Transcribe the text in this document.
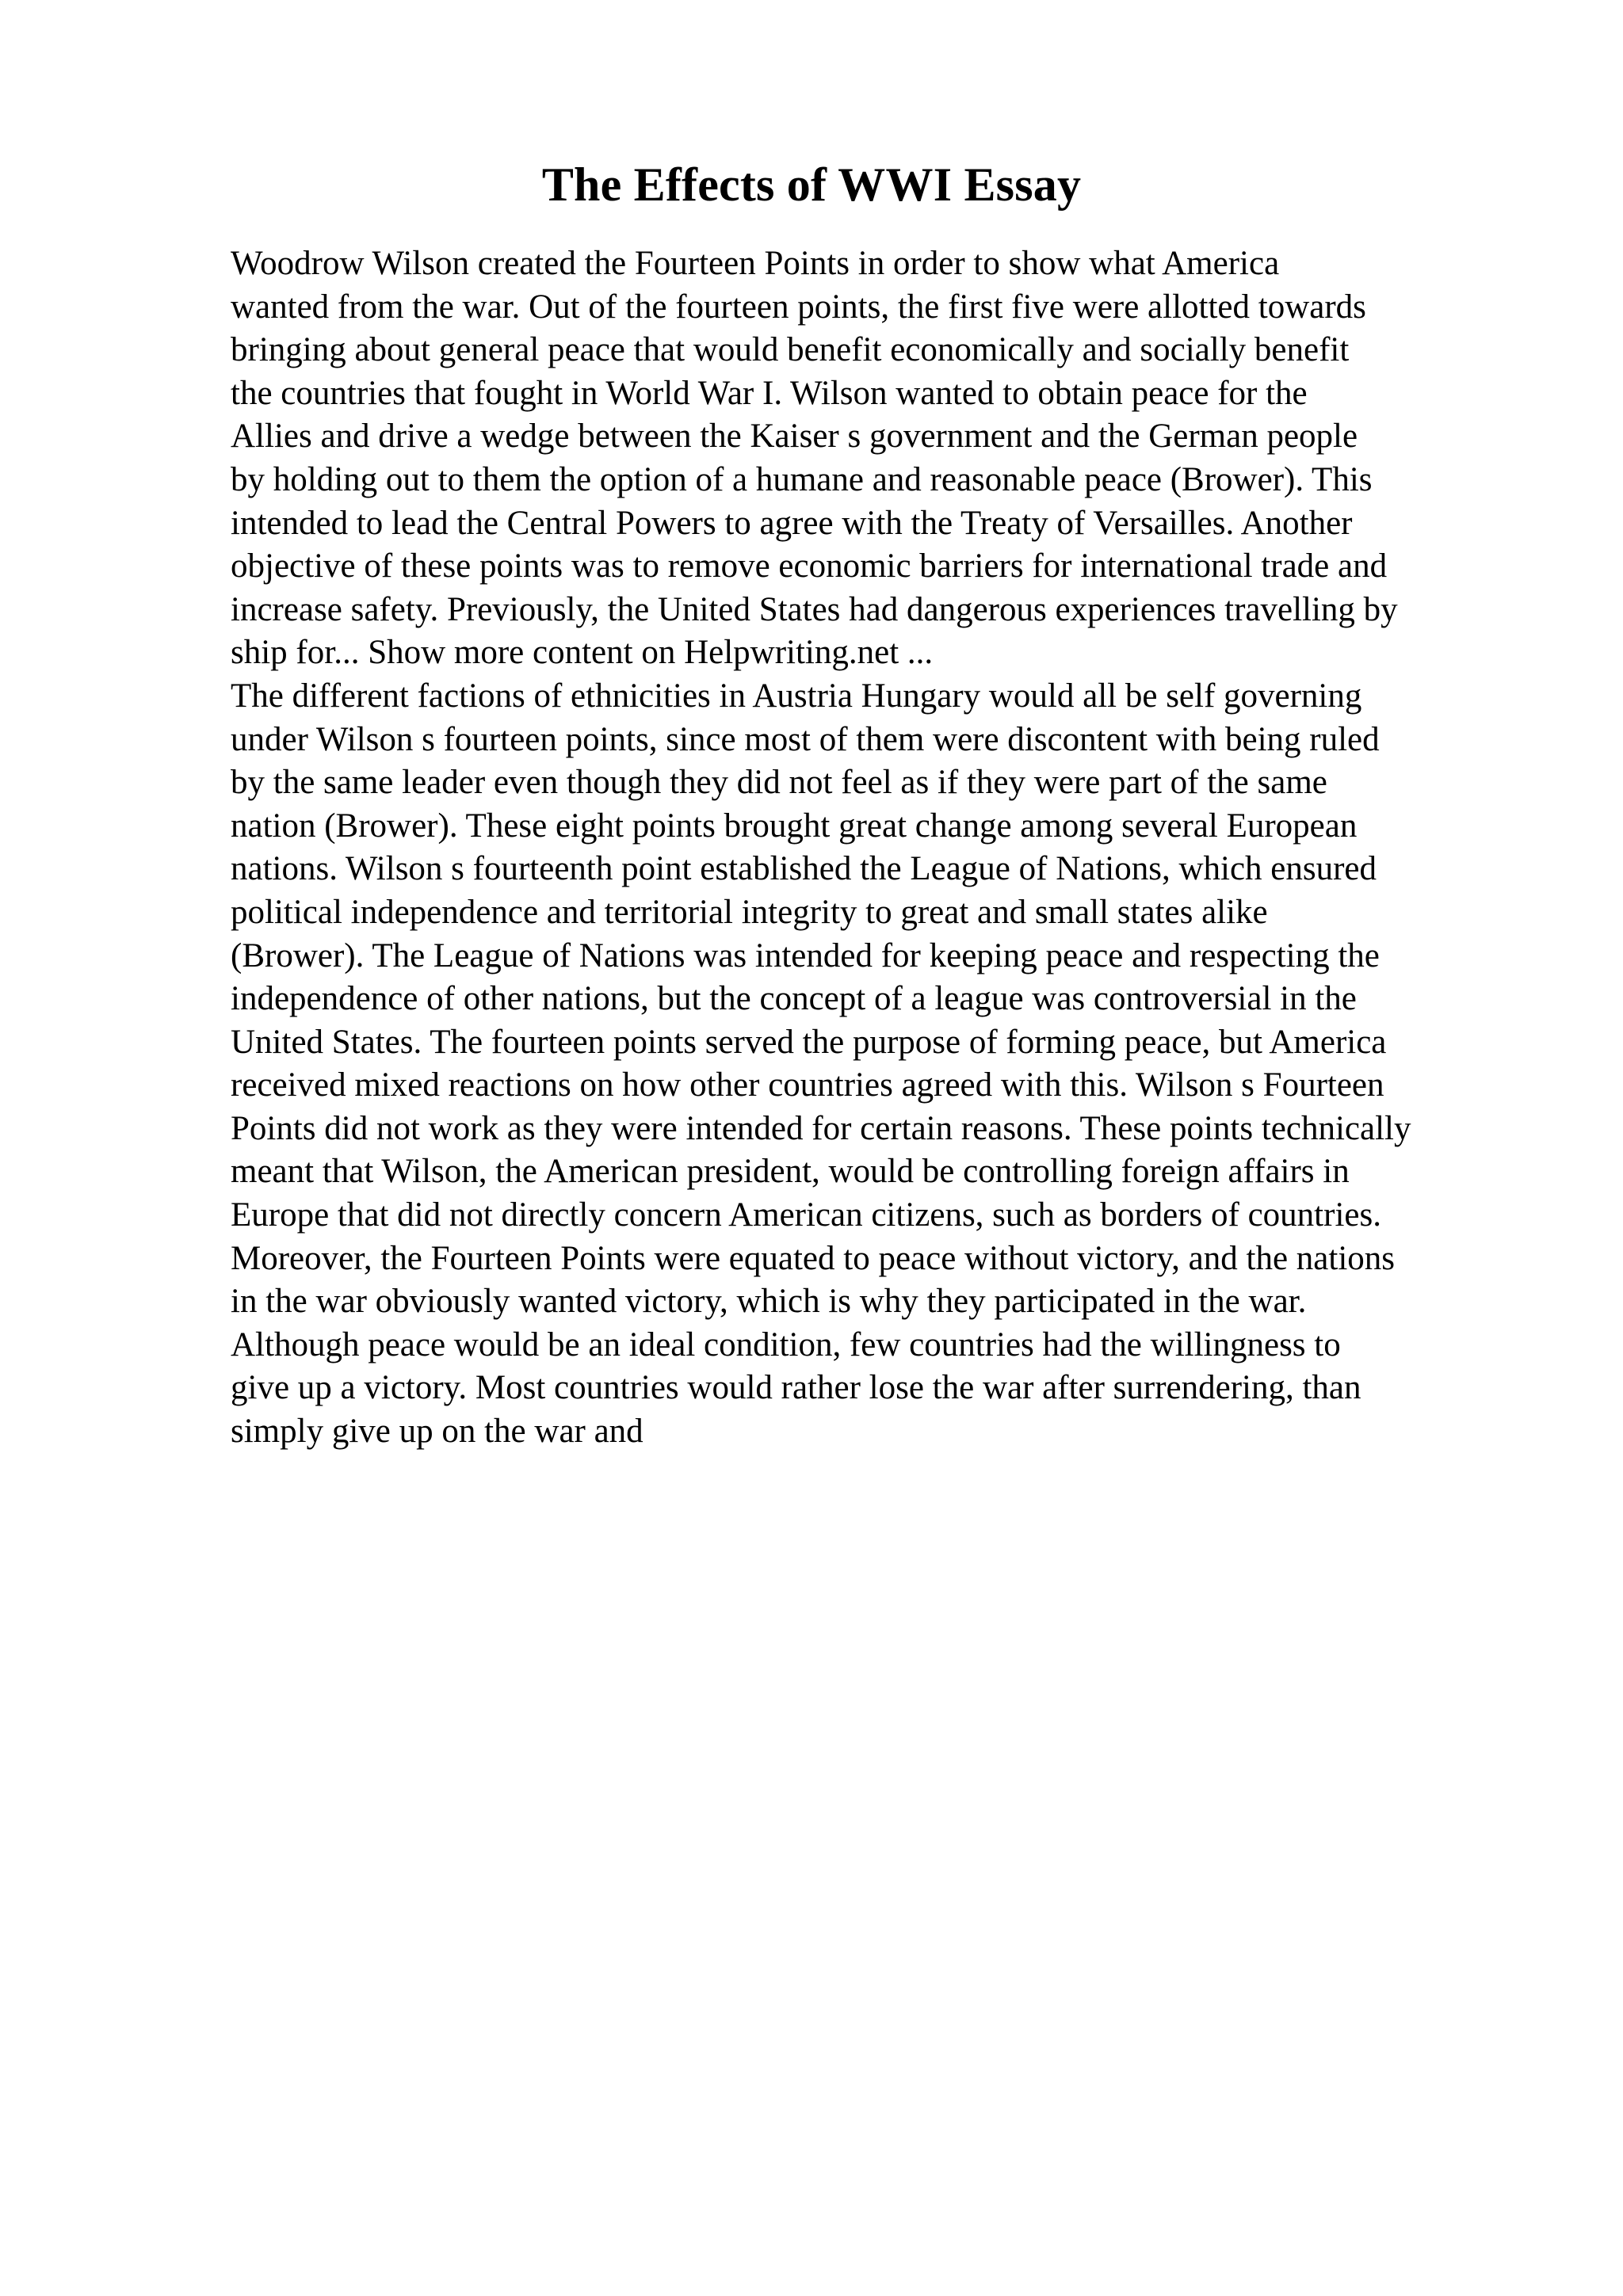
The Effects of WWI Essay
Woodrow Wilson created the Fourteen Points in order to show what America
wanted from the war. Out of the fourteen points, the first five were allotted towards
bringing about general peace that would benefit economically and socially benefit
the countries that fought in World War I. Wilson wanted to obtain peace for the
Allies and drive a wedge between the Kaiser s government and the German people
by holding out to them the option of a humane and reasonable peace (Brower). This
intended to lead the Central Powers to agree with the Treaty of Versailles. Another
objective of these points was to remove economic barriers for international trade and
increase safety. Previously, the United States had dangerous experiences travelling by
ship for... Show more content on Helpwriting.net ...
The different factions of ethnicities in Austria Hungary would all be self governing
under Wilson s fourteen points, since most of them were discontent with being ruled
by the same leader even though they did not feel as if they were part of the same
nation (Brower). These eight points brought great change among several European
nations. Wilson s fourteenth point established the League of Nations, which ensured
political independence and territorial integrity to great and small states alike
(Brower). The League of Nations was intended for keeping peace and respecting the
independence of other nations, but the concept of a league was controversial in the
United States. The fourteen points served the purpose of forming peace, but America
received mixed reactions on how other countries agreed with this. Wilson s Fourteen
Points did not work as they were intended for certain reasons. These points technically
meant that Wilson, the American president, would be controlling foreign affairs in
Europe that did not directly concern American citizens, such as borders of countries.
Moreover, the Fourteen Points were equated to peace without victory, and the nations
in the war obviously wanted victory, which is why they participated in the war.
Although peace would be an ideal condition, few countries had the willingness to
give up a victory. Most countries would rather lose the war after surrendering, than
simply give up on the war and
